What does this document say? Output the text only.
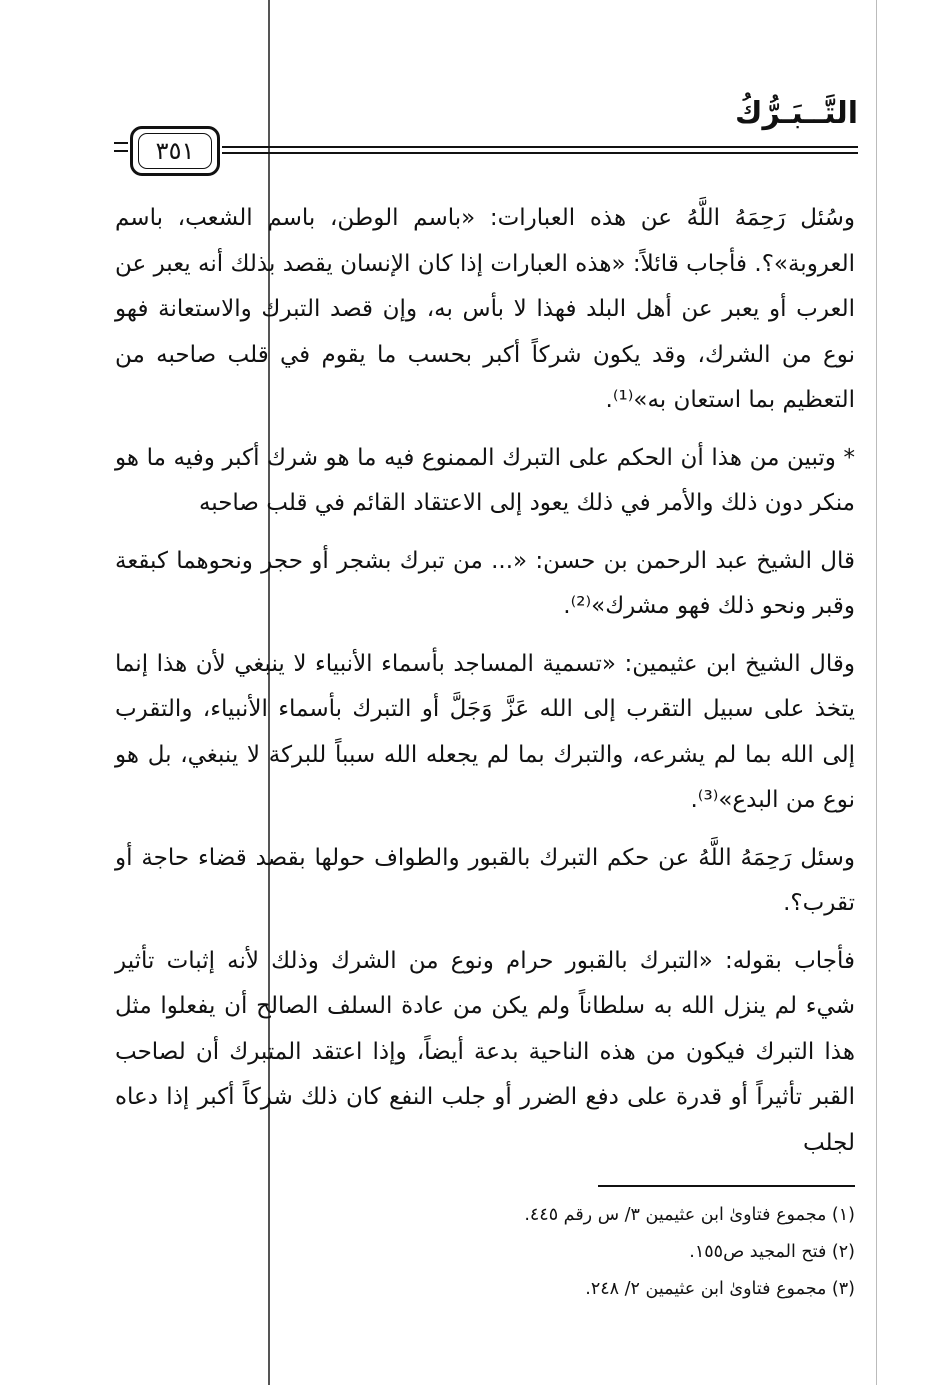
التَّــبَـرُّكُ
٣٥١

وسُئل رَحِمَهُ اللَّهُ عن هذه العبارات: «باسم الوطن، باسم الشعب، باسم العروبة»؟. فأجاب قائلاً: «هذه العبارات إذا كان الإنسان يقصد بذلك أنه يعبر عن العرب أو يعبر عن أهل البلد فهذا لا بأس به، وإن قصد التبرك والاستعانة فهو نوع من الشرك، وقد يكون شركاً أكبر بحسب ما يقوم في قلب صاحبه من التعظيم بما استعان به»⁽¹⁾.

* وتبين من هذا أن الحكم على التبرك الممنوع فيه ما هو شرك أكبر وفيه ما هو منكر دون ذلك والأمر في ذلك يعود إلى الاعتقاد القائم في قلب صاحبه

قال الشيخ عبد الرحمن بن حسن: «... من تبرك بشجر أو حجر ونحوهما كبقعة وقبر ونحو ذلك فهو مشرك»⁽²⁾.

وقال الشيخ ابن عثيمين: «تسمية المساجد بأسماء الأنبياء لا ينبغي لأن هذا إنما يتخذ على سبيل التقرب إلى الله عَزَّ وَجَلَّ أو التبرك بأسماء الأنبياء، والتقرب إلى الله بما لم يشرعه، والتبرك بما لم يجعله الله سبباً للبركة لا ينبغي، بل هو نوع من البدع»⁽³⁾.

وسئل رَحِمَهُ اللَّهُ عن حكم التبرك بالقبور والطواف حولها بقصد قضاء حاجة أو تقرب؟.

فأجاب بقوله: «التبرك بالقبور حرام ونوع من الشرك وذلك لأنه إثبات تأثير شيء لم ينزل الله به سلطاناً ولم يكن من عادة السلف الصالح أن يفعلوا مثل هذا التبرك فيكون من هذه الناحية بدعة أيضاً، وإذا اعتقد المتبرك أن لصاحب القبر تأثيراً أو قدرة على دفع الضرر أو جلب النفع كان ذلك شركاً أكبر إذا دعاه لجلب

(١) مجموع فتاوىٰ ابن عثيمين ٣/ س رقم ٤٤٥.
(٢) فتح المجيد ص١٥٥.
(٣) مجموع فتاوىٰ ابن عثيمين ٢/ ٢٤٨.
